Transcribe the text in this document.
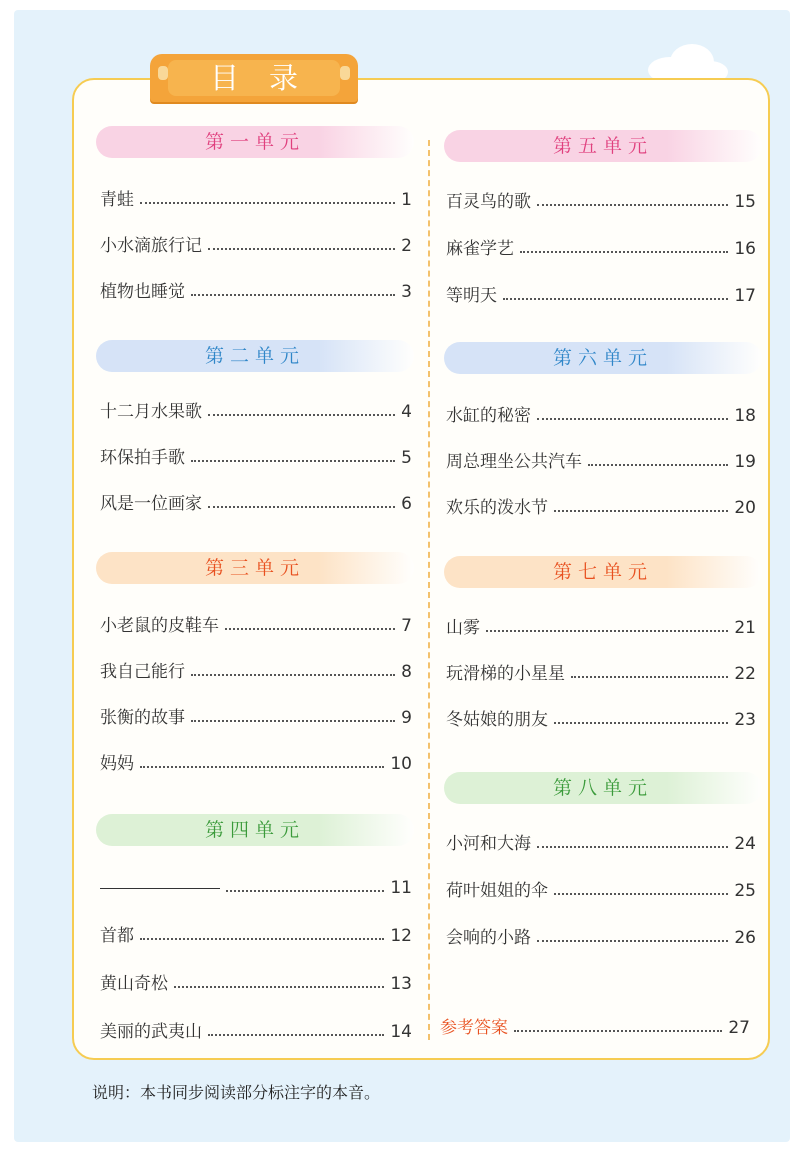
目录
第一单元
青蛙	1
小水滴旅行记	2
植物也睡觉	3
第二单元
十二月水果歌	4
环保拍手歌	5
风是一位画家	6
第三单元
小老鼠的皮鞋车	7
我自己能行	8
张衡的故事	9
妈妈	10
第四单元
11
首都	12
黄山奇松	13
美丽的武夷山	14
第五单元
百灵鸟的歌	15
麻雀学艺	16
等明天	17
第六单元
水缸的秘密	18
周总理坐公共汽车	19
欢乐的泼水节	20
第七单元
山雾	21
玩滑梯的小星星	22
冬姑娘的朋友	23
第八单元
小河和大海	24
荷叶姐姐的伞	25
会响的小路	26
参考答案	27
说明：本书同步阅读部分标注字的本音。
